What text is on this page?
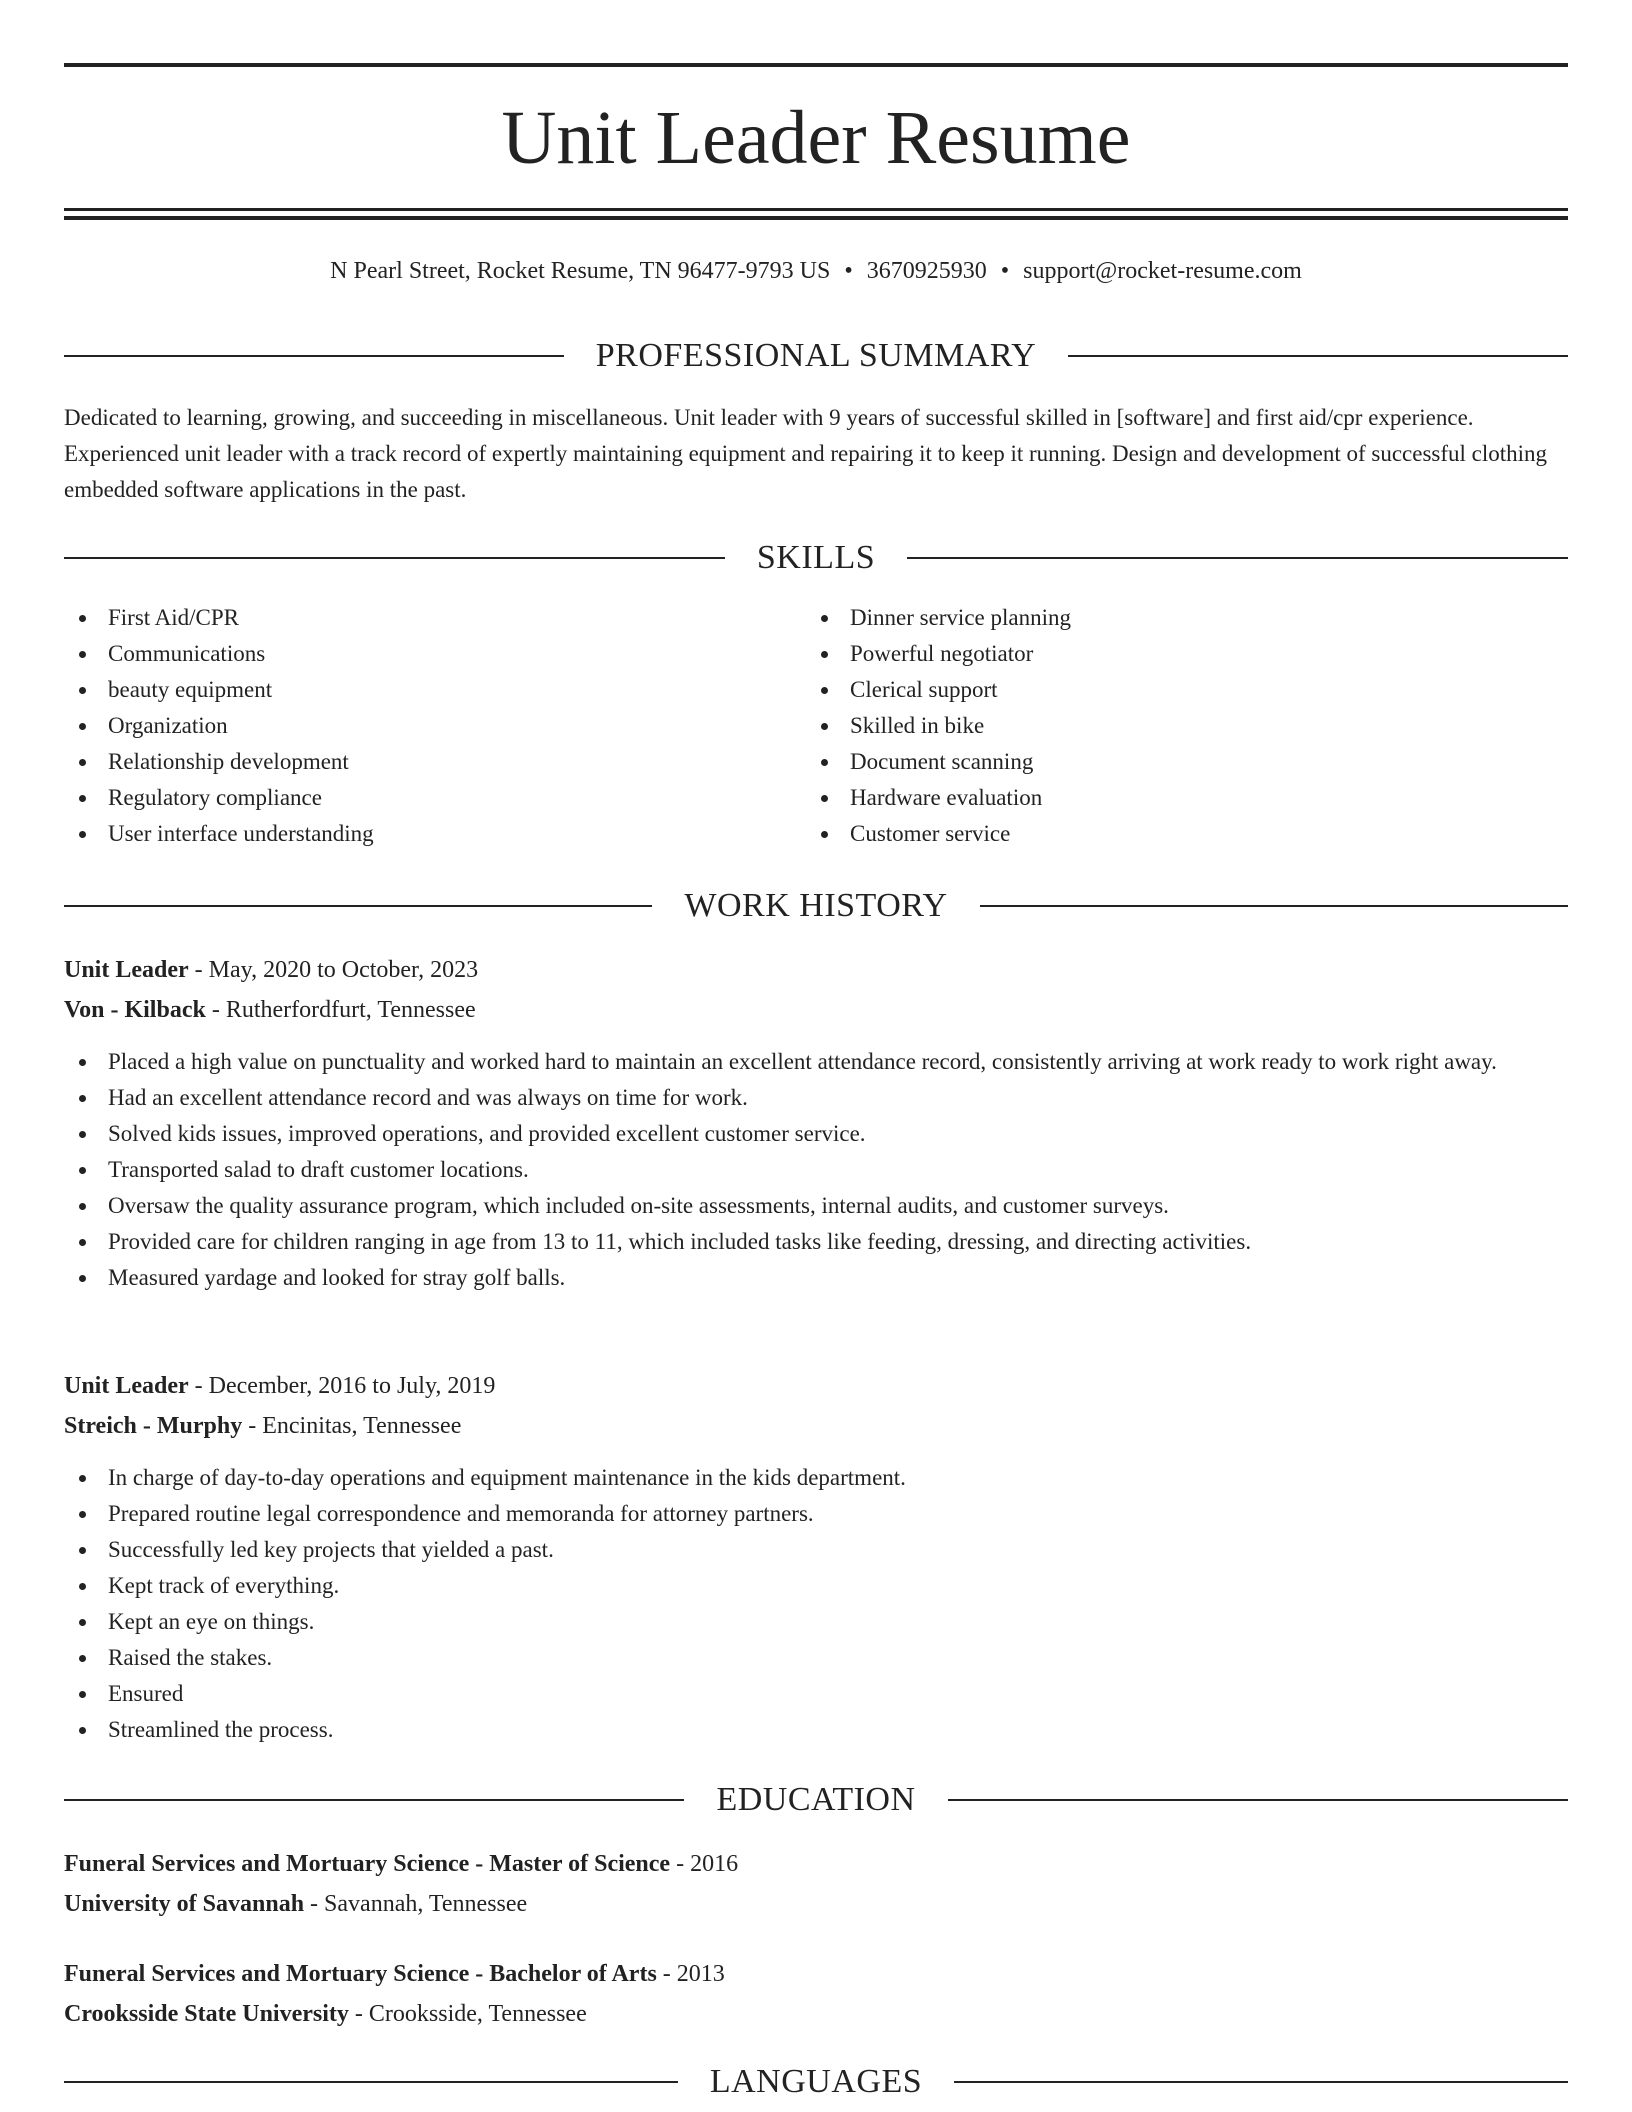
Unit Leader Resume
N Pearl Street, Rocket Resume, TN 96477-9793 US • 3670925930 • support@rocket-resume.com
PROFESSIONAL SUMMARY

Dedicated to learning, growing, and succeeding in miscellaneous. Unit leader with 9 years of successful skilled in [software] and first aid/cpr experience. Experienced unit leader with a track record of expertly maintaining equipment and repairing it to keep it running. Design and development of successful clothing embedded software applications in the past.

SKILLS
First Aid/CPR
Communications
beauty equipment
Organization
Relationship development
Regulatory compliance
User interface understanding
Dinner service planning
Powerful negotiator
Clerical support
Skilled in bike
Document scanning
Hardware evaluation
Customer service
WORK HISTORY
Unit Leader - May, 2020 to October, 2023
Von - Kilback - Rutherfordfurt, Tennessee
Placed a high value on punctuality and worked hard to maintain an excellent attendance record, consistently arriving at work ready to work right away.
Had an excellent attendance record and was always on time for work.
Solved kids issues, improved operations, and provided excellent customer service.
Transported salad to draft customer locations.
Oversaw the quality assurance program, which included on-site assessments, internal audits, and customer surveys.
Provided care for children ranging in age from 13 to 11, which included tasks like feeding, dressing, and directing activities.
Measured yardage and looked for stray golf balls.
Unit Leader - December, 2016 to July, 2019
Streich - Murphy - Encinitas, Tennessee
In charge of day-to-day operations and equipment maintenance in the kids department.
Prepared routine legal correspondence and memoranda for attorney partners.
Successfully led key projects that yielded a past.
Kept track of everything.
Kept an eye on things.
Raised the stakes.
Ensured
Streamlined the process.
EDUCATION
Funeral Services and Mortuary Science - Master of Science - 2016
University of Savannah - Savannah, Tennessee
Funeral Services and Mortuary Science - Bachelor of Arts - 2013
Crooksside State University - Crooksside, Tennessee
LANGUAGES
